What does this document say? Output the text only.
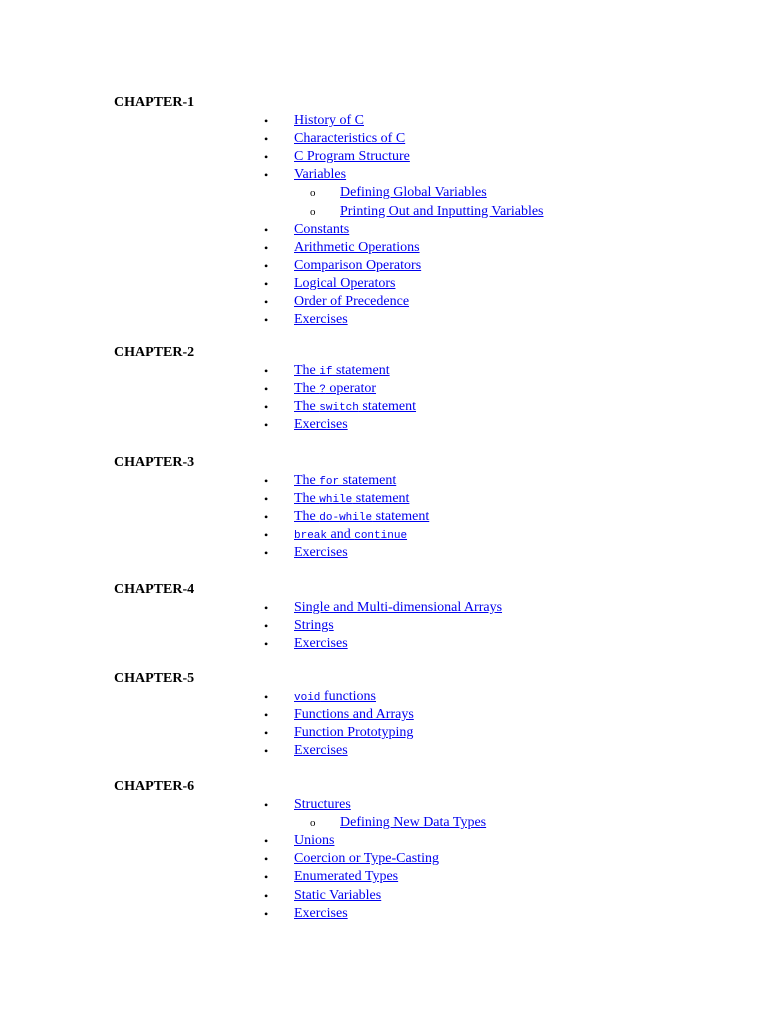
CHAPTER-1
•
History of C
•
Characteristics of C
•
C Program Structure
•
Variables
o
Defining Global Variables
o
Printing Out and Inputting Variables
•
Constants
•
Arithmetic Operations
•
Comparison Operators
•
Logical Operators
•
Order of Precedence
•
Exercises
CHAPTER-2
•
The if statement
•
The ? operator
•
The switch statement
•
Exercises
CHAPTER-3
•
The for statement
•
The while statement
•
The do-while statement
•
break and continue
•
Exercises
CHAPTER-4
•
Single and Multi-dimensional Arrays
•
Strings
•
Exercises
CHAPTER-5
•
void functions
•
Functions and Arrays
•
Function Prototyping
•
Exercises
CHAPTER-6
•
Structures
o
Defining New Data Types
•
Unions
•
Coercion or Type-Casting
•
Enumerated Types
•
Static Variables
•
Exercises
